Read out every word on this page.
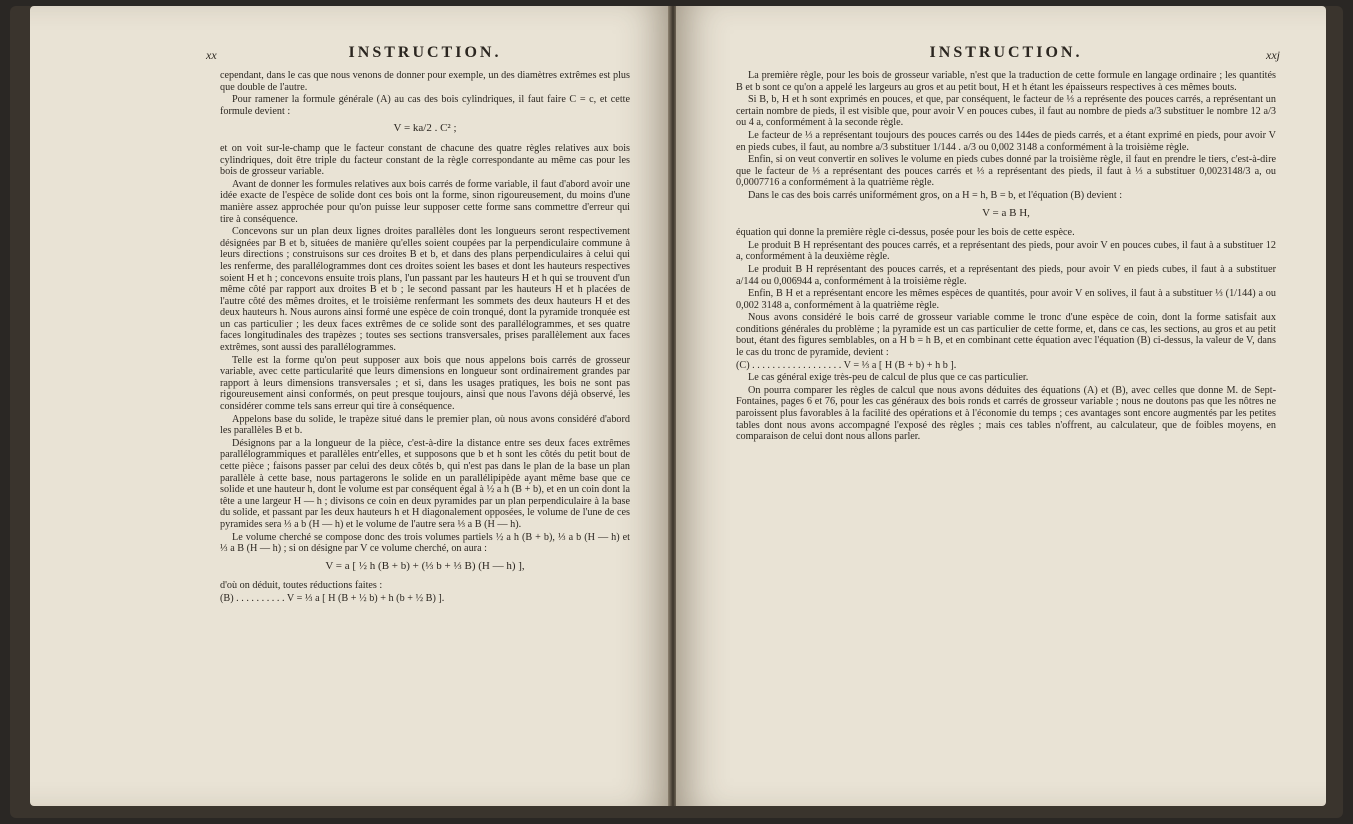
xx	INSTRUCTION.

cependant, dans le cas que nous venons de donner pour exemple, un des diamètres extrêmes est plus que double de l'autre.

Pour ramener la formule générale (A) au cas des bois cylindriques, il faut faire C = c, et cette formule devient :

V = ka/2 . C² ;

et on voit sur-le-champ que le facteur constant de chacune des quatre règles relatives aux bois cylindriques, doit être triple du facteur constant de la règle correspondante au même cas pour les bois de grosseur variable.

Avant de donner les formules relatives aux bois carrés de forme variable, il faut d'abord avoir une idée exacte de l'espèce de solide dont ces bois ont la forme, sinon rigoureusement, du moins d'une manière assez approchée pour qu'on puisse leur supposer cette forme sans commettre d'erreur qui tire à conséquence.

Concevons sur un plan deux lignes droites parallèles dont les longueurs seront respectivement désignées par B et b, situées de manière qu'elles soient coupées par la perpendiculaire commune à leurs directions ; construisons sur ces droites B et b, et dans des plans perpendiculaires à celui qui les renferme, des parallélogrammes dont ces droites soient les bases et dont les hauteurs respectives soient H et h ; concevons ensuite trois plans, l'un passant par les hauteurs H et h qui se trouvent d'un même côté par rapport aux droites B et b ; le second passant par les hauteurs H et h placées de l'autre côté des mêmes droites, et le troisième renfermant les sommets des deux hauteurs H et des deux hauteurs h. Nous aurons ainsi formé une espèce de coin tronqué, dont la pyramide tronquée est un cas particulier ; les deux faces extrêmes de ce solide sont des parallélogrammes, et ses quatre faces longitudinales des trapèzes ; toutes ses sections transversales, prises parallèlement aux faces extrêmes, sont aussi des parallélogrammes.

Telle est la forme qu'on peut supposer aux bois que nous appelons bois carrés de grosseur variable, avec cette particularité que leurs dimensions en longueur sont ordinairement grandes par rapport à leurs dimensions transversales ; et si, dans les usages pratiques, les bois ne sont pas rigoureusement ainsi conformés, on peut presque toujours, ainsi que nous l'avons déjà observé, les considérer comme tels sans erreur qui tire à conséquence.

Appelons base du solide, le trapèze situé dans le premier plan, où nous avons considéré d'abord les parallèles B et b.

Désignons par a la longueur de la pièce, c'est-à-dire la distance entre ses deux faces extrêmes parallélogrammiques et parallèles entr'elles, et supposons que b et h sont les côtés du petit bout de cette pièce ; faisons passer par celui des deux côtés b, qui n'est pas dans le plan de la base un plan parallèle à cette base, nous partagerons le solide en un parallélipipède ayant même base que ce solide et une hauteur h, dont le volume est par conséquent égal à ½ a h (B + b), et en un coin dont la tête a une largeur H — h ; divisons ce coin en deux pyramides par un plan perpendiculaire à la base du solide, et passant par les deux hauteurs h et H diagonalement opposées, le volume de l'une de ces pyramides sera ⅓ a b (H — h) et le volume de l'autre sera ⅓ a B (H — h).

Le volume cherché se compose donc des trois volumes partiels ½ a h (B + b), ⅓ a b (H — h) et ⅓ a B (H — h) ; si on désigne par V ce volume cherché, on aura :

V = a [ ½ h (B + b) + (⅓ b + ⅓ B) (H — h) ],

d'où on déduit, toutes réductions faites :

(B) . . . . . . . . . . V = ⅓ a [ H (B + ½ b) + h (b + ½ B) ].

INSTRUCTION.	xxj

La première règle, pour les bois de grosseur variable, n'est que la traduction de cette formule en langage ordinaire ; les quantités B et b sont ce qu'on a appelé les largeurs au gros et au petit bout, H et h étant les épaisseurs respectives à ces mêmes bouts.

Si B, b, H et h sont exprimés en pouces, et que, par conséquent, le facteur de ⅓ a représente des pouces carrés, a représentant un certain nombre de pieds, il est visible que, pour avoir V en pouces cubes, il faut au nombre de pieds a/3 substituer le nombre 12 a/3 ou 4 a, conformément à la seconde règle.

Le facteur de ⅓ a représentant toujours des pouces carrés ou des 144es de pieds carrés, et a étant exprimé en pieds, pour avoir V en pieds cubes, il faut, au nombre a/3 substituer 1/144 . a/3 ou 0,002 3148 a conformément à la troisième règle.

Enfin, si on veut convertir en solives le volume en pieds cubes donné par la troisième règle, il faut en prendre le tiers, c'est-à-dire que le facteur de ⅓ a représentant des pouces carrés et ⅓ a représentant des pieds, il faut à ⅓ a substituer 0,0023148/3 a, ou 0,0007716 a conformément à la quatrième règle.

Dans le cas des bois carrés uniformément gros, on a H = h, B = b, et l'équation (B) devient :

V = a B H,

équation qui donne la première règle ci-dessus, posée pour les bois de cette espèce.

Le produit B H représentant des pouces carrés, et a représentant des pieds, pour avoir V en pouces cubes, il faut à a substituer 12 a, conformément à la deuxième règle.

Le produit B H représentant des pouces carrés, et a représentant des pieds, pour avoir V en pieds cubes, il faut à a substituer a/144 ou 0,006944 a, conformément à la troisième règle.

Enfin, B H et a représentant encore les mêmes espèces de quantités, pour avoir V en solives, il faut à a substituer ⅓ (1/144) a ou 0,002 3148 a, conformément à la quatrième règle.

Nous avons considéré le bois carré de grosseur variable comme le tronc d'une espèce de coin, dont la forme satisfait aux conditions générales du problème ; la pyramide est un cas particulier de cette forme, et, dans ce cas, les sections, au gros et au petit bout, étant des figures semblables, on a H b = h B, et en combinant cette équation avec l'équation (B) ci-dessus, la valeur de V, dans le cas du tronc de pyramide, devient :

(C) . . . . . . . . . . . . . . . . . . V = ⅓ a [ H (B + b) + h b ].

Le cas général exige très-peu de calcul de plus que ce cas particulier.

On pourra comparer les règles de calcul que nous avons déduites des équations (A) et (B), avec celles que donne M. de Sept-Fontaines, pages 6 et 76, pour les cas généraux des bois ronds et carrés de grosseur variable ; nous ne doutons pas que les nôtres ne paroissent plus favorables à la facilité des opérations et à l'économie du temps ; ces avantages sont encore augmentés par les petites tables dont nous avons accompagné l'exposé des règles ; mais ces tables n'offrent, au calculateur, que de foibles moyens, en comparaison de celui dont nous allons parler.
